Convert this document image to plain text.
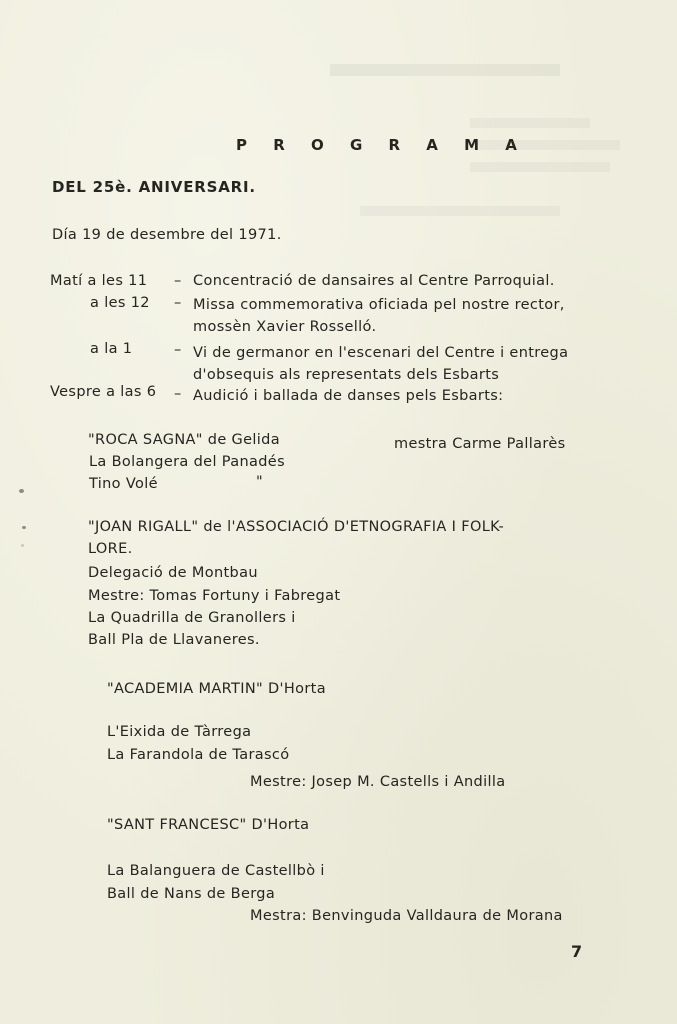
P R O G R A M A
DEL 25è. ANIVERSARI.
Día 19 de desembre del 1971.
Matí a les 11 – Concentració de dansaires al Centre Parroquial.
a les 12 – Missa commemorativa oficiada pel nostre rector,
mossèn Xavier Rosselló.
a la 1	– Vi de germanor en l'escenari del Centre i entrega
d'obsequis als representats dels Esbarts
Vespre a las 6 – Audició i ballada de danses pels Esbarts:
"ROCA SAGNA" de Gelida	mestra Carme Pallarès
La Bolangera del Panadés
Tino Volé	"
"JOAN RIGALL" de l'ASSOCIACIÓ D'ETNOGRAFIA I FOLK-
LORE.
Delegació de Montbau
Mestre: Tomas Fortuny i Fabregat
La Quadrilla de Granollers i
Ball Pla de Llavaneres.
"ACADEMIA MARTIN" D'Horta
L'Eixida de Tàrrega
La Farandola de Tarascó
Mestre: Josep M. Castells i Andilla
"SANT FRANCESC" D'Horta
La Balanguera de Castellbò i
Ball de Nans de Berga
Mestra: Benvinguda Valldaura de Morana
7
